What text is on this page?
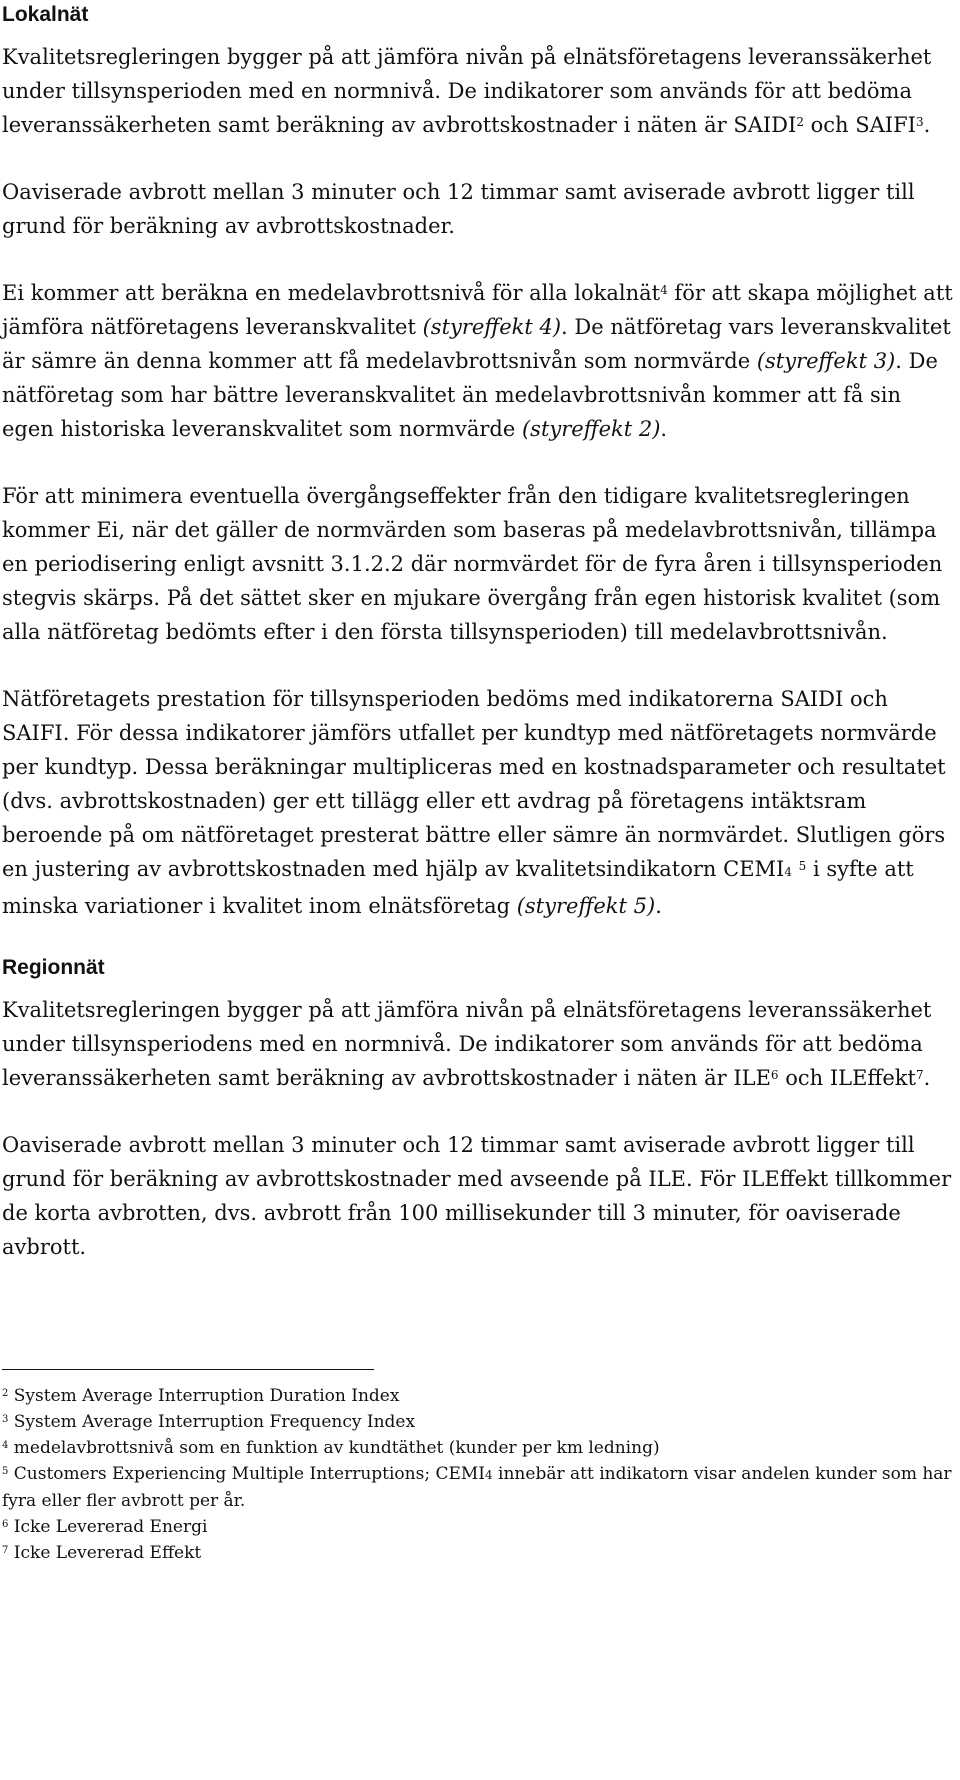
Lokalnät

Kvalitetsregleringen bygger på att jämföra nivån på elnätsföretagens leveranssäkerhet under tillsynsperioden med en normnivå. De indikatorer som används för att bedöma leveranssäkerheten samt beräkning av avbrottskostnader i näten är SAIDI$^2$ och SAIFI$^3$.

Oaviserade avbrott mellan 3 minuter och 12 timmar samt aviserade avbrott ligger till grund för beräkning av avbrottskostnader.

Ei kommer att beräkna en medelavbrottsnivå för alla lokalnät$^4$ för att skapa möjlighet att jämföra nätföretagens leveranskvalitet (styreffekt 4). De nätföretag vars leveranskvalitet är sämre än denna kommer att få medelavbrottsnivån som normvärde (styreffekt 3). De nätföretag som har bättre leveranskvalitet än medelavbrottsnivån kommer att få sin egen historiska leveranskvalitet som normvärde (styreffekt 2).

För att minimera eventuella övergångseffekter från den tidigare kvalitetsregleringen kommer Ei, när det gäller de normvärden som baseras på medelavbrottsnivån, tillämpa en periodisering enligt avsnitt 3.1.2.2 där normvärdet för de fyra åren i tillsynsperioden stegvis skärps. På det sättet sker en mjukare övergång från egen historisk kvalitet (som alla nätföretag bedömts efter i den första tillsynsperioden) till medelavbrottsnivån.

Nätföretagets prestation för tillsynsperioden bedöms med indikatorerna SAIDI och SAIFI. För dessa indikatorer jämförs utfallet per kundtyp med nätföretagets normvärde per kundtyp. Dessa beräkningar multipliceras med en kostnadsparameter och resultatet (dvs. avbrottskostnaden) ger ett tillägg eller ett avdrag på företagens intäktsram beroende på om nätföretaget presterat bättre eller sämre än normvärdet. Slutligen görs en justering av avbrottskostnaden med hjälp av kvalitetsindikatorn CEMI4 $^5$ i syfte att minska variationer i kvalitet inom elnätsföretag (styreffekt 5).

Regionnät

Kvalitetsregleringen bygger på att jämföra nivån på elnätsföretagens leveranssäkerhet under tillsynsperiodens med en normnivå. De indikatorer som används för att bedöma leveranssäkerheten samt beräkning av avbrottskostnader i näten är ILE$^6$ och ILEffekt$^7$.

Oaviserade avbrott mellan 3 minuter och 12 timmar samt aviserade avbrott ligger till grund för beräkning av avbrottskostnader med avseende på ILE. För ILEffekt tillkommer de korta avbrotten, dvs. avbrott från 100 millisekunder till 3 minuter, för oaviserade avbrott.

$^2$ System Average Interruption Duration Index
$^3$ System Average Interruption Frequency Index
$^4$ medelavbrottsnivå som en funktion av kundtäthet (kunder per km ledning)
$^5$ Customers Experiencing Multiple Interruptions; CEMI4 innebär att indikatorn visar andelen kunder som har fyra eller fler avbrott per år.
$^6$ Icke Levererad Energi
$^7$ Icke Levererad Effekt
